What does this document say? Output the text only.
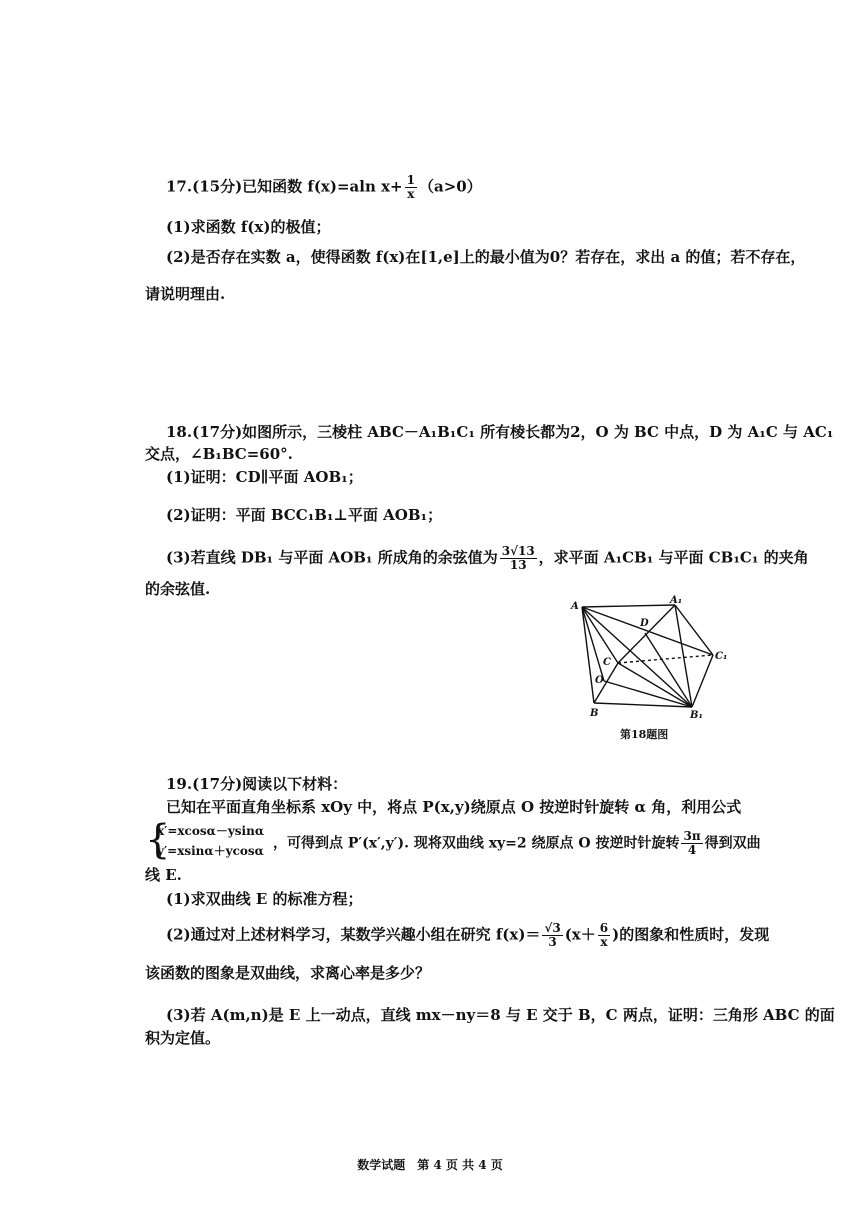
17.(15分)已知函数 f(x)=aln $x+ \frac{1}{x} (a>0)$
(1)求函数 f(x)的极值；
(2)是否存在实数 a，使得函数 f(x)在[1,e]上的最小值为0？若存在，求出 a 的值；若不存在，
请说明理由.
18.(17分)如图所示，三棱柱 ABC－A₁B₁C₁ 所有棱长都为2，O 为 BC 中点，D 为 A₁C 与 AC₁
交点，∠B₁BC=60°.
(1)证明：CD∥平面 AOB₁；
(2)证明：平面 BCC₁B₁⊥平面 AOB₁；
(3)若直线 DB₁ 与平面 AOB₁ 所成角的余弦值为 $\frac{3√13}{13}$ ，求平面 A₁CB₁ 与平面 CB₁C₁ 的夹角
的余弦值.
A
A₁
D
C
C₁
O
B	B₁
第18题图
19.(17分)阅读以下材料：
已知在平面直角坐标系 xOy 中，将点 P(x,y)绕原点 O 按逆时针旋转 α 角，利用公式
{
x′=xcosα－ysinα
y′=xsinα＋ycosα ，可得到点 P′(x′,y′). 现将双曲线 xy=2 绕原点 O 按逆时针旋转 $\frac{3\pi}{4}$ 得到双曲
线 E.
(1)求双曲线 E 的标准方程；
(2)通过对上述材料学习，某数学兴趣小组在研究 $f(x)= \frac{√3}{3} (x+ \frac{6}{x}$ )的图象和性质时，发现
该函数的图象是双曲线，求离心率是多少？
(3)若 A(m,n)是 E 上一动点，直线 mx－ny＝8 与 E 交于 B，C 两点，证明：三角形 ABC 的面
积为定值。
数学试题　第 4 页 共 4 页
